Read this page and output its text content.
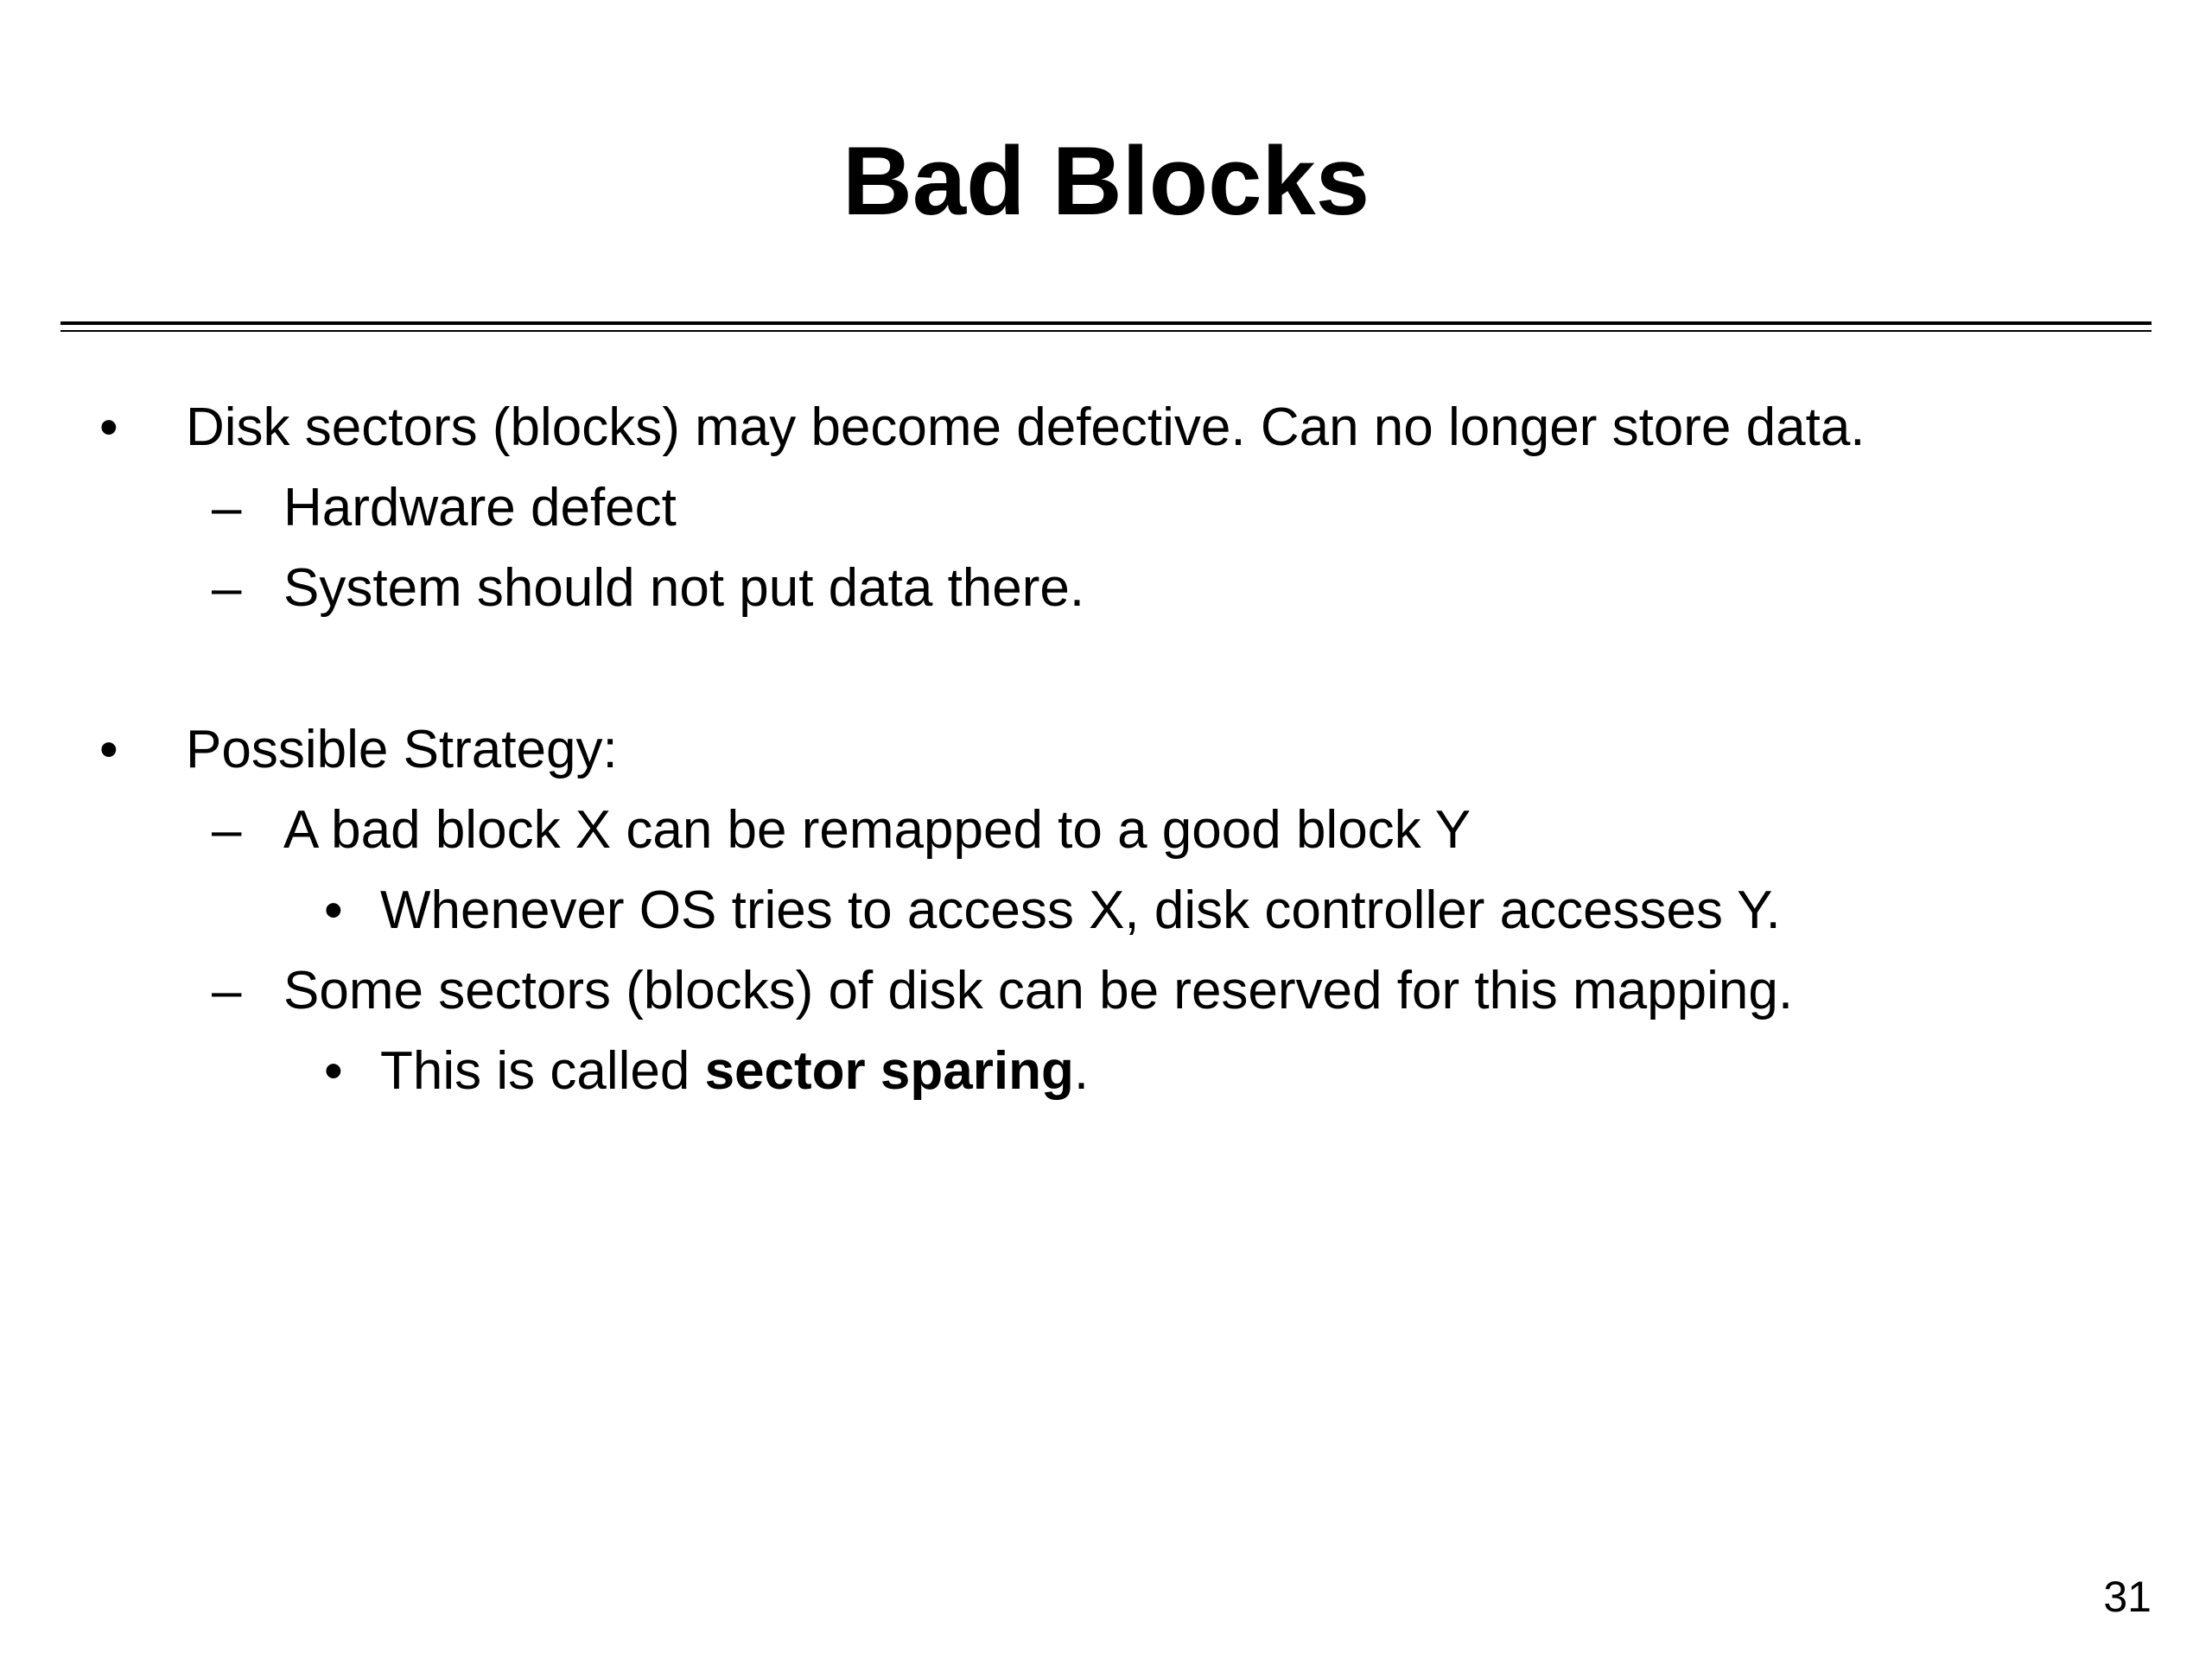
Bad Blocks
• Disk sectors (blocks) may become defective. Can no longer store data.
– Hardware defect
– System should not put data there.
• Possible Strategy:
– A bad block X can be remapped to a good block Y
• Whenever OS tries to access X, disk controller accesses Y.
– Some sectors (blocks) of disk can be reserved for this mapping.
• This is called sector sparing.
31
